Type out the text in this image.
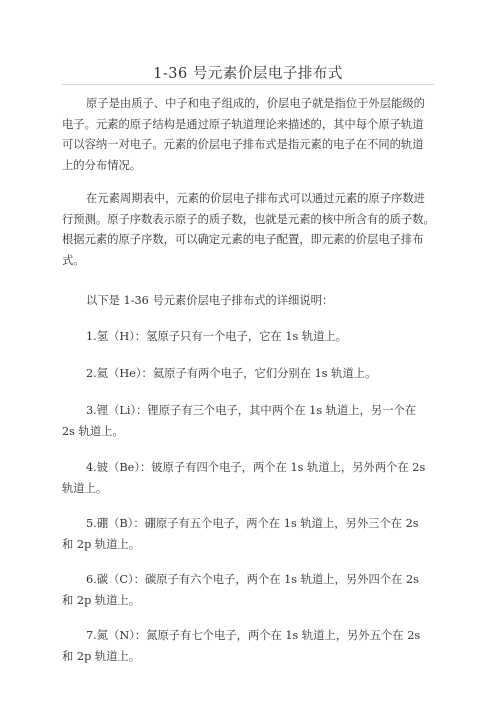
1-36 号元素价层电子排布式

原子是由质子、中子和电子组成的，价层电子就是指位于外层能级的
电子。元素的原子结构是通过原子轨道理论来描述的，其中每个原子轨道
可以容纳一对电子。元素的价层电子排布式是指元素的电子在不同的轨道
上的分布情况。

在元素周期表中，元素的价层电子排布式可以通过元素的原子序数进
行预测。原子序数表示原子的质子数，也就是元素的核中所含有的质子数。
根据元素的原子序数，可以确定元素的电子配置，即元素的价层电子排布
式。

以下是 1-36 号元素价层电子排布式的详细说明：

1.氢（H）：氢原子只有一个电子，它在 1s 轨道上。

2.氦（He）：氦原子有两个电子，它们分别在 1s 轨道上。

3.锂（Li）：锂原子有三个电子，其中两个在 1s 轨道上，另一个在
2s 轨道上。

4.铍（Be）：铍原子有四个电子，两个在 1s 轨道上，另外两个在 2s
轨道上。

5.硼（B）：硼原子有五个电子，两个在 1s 轨道上，另外三个在 2s
和 2p 轨道上。

6.碳（C）：碳原子有六个电子，两个在 1s 轨道上，另外四个在 2s
和 2p 轨道上。

7.氮（N）：氮原子有七个电子，两个在 1s 轨道上，另外五个在 2s
和 2p 轨道上。
